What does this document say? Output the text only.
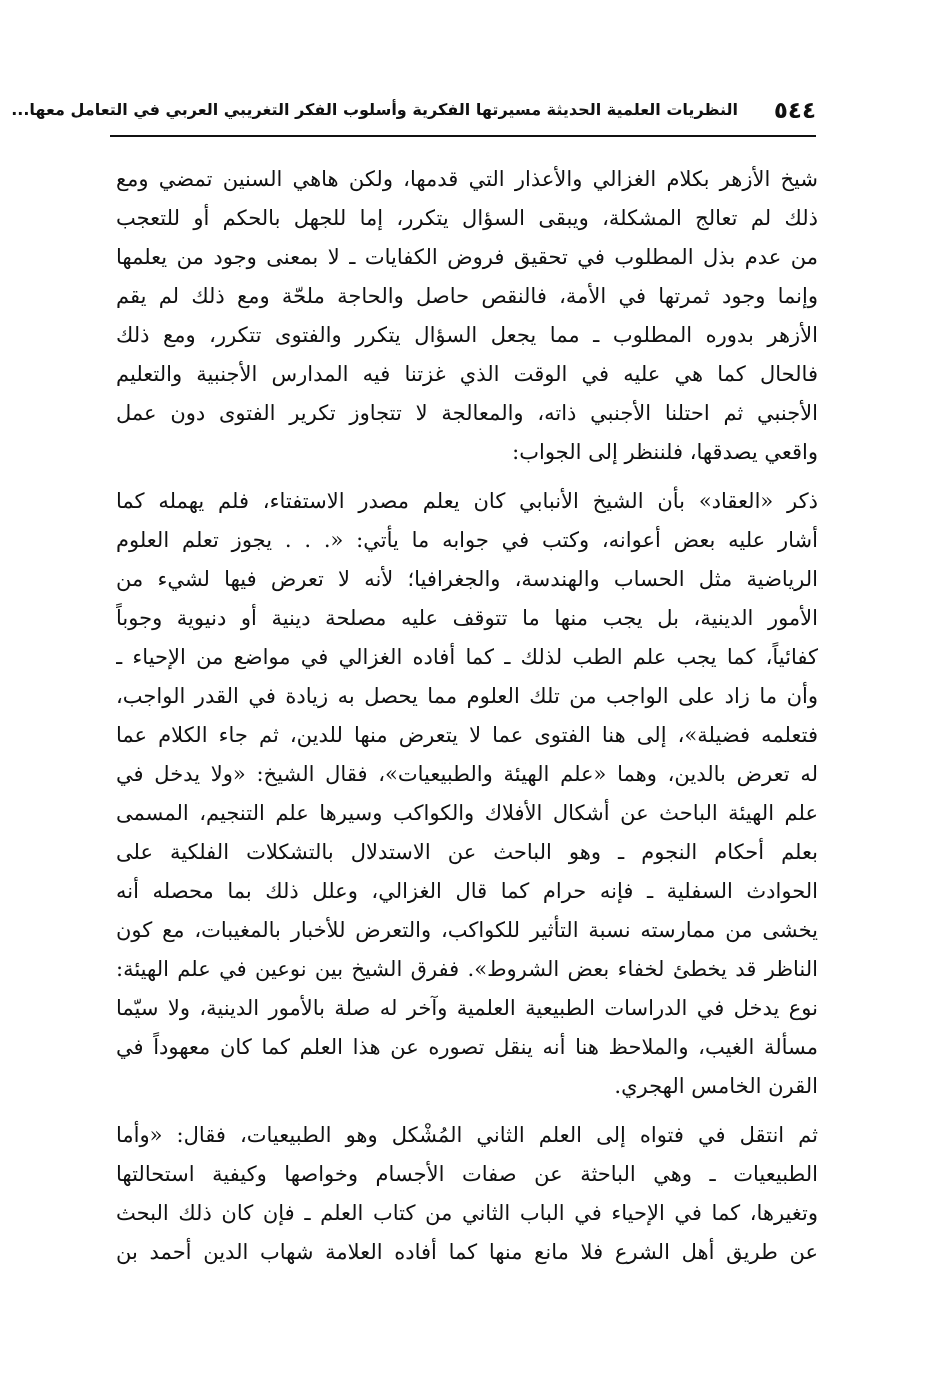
٥٤٤
النظريات العلمية الحديثة مسيرتها الفكرية وأسلوب الفكر التغريبي العربي في التعامل معها...
شيخ الأزهر بكلام الغزالي والأعذار التي قدمها، ولكن هاهي السنين تمضي ومع
ذلك لم تعالج المشكلة، ويبقى السؤال يتكرر، إما للجهل بالحكم أو للتعجب
من عدم بذل المطلوب في تحقيق فروض الكفايات ـ لا بمعنى وجود من يعلمها
وإنما وجود ثمرتها في الأمة، فالنقص حاصل والحاجة ملحّة ومع ذلك لم يقم
الأزهر بدوره المطلوب ـ مما يجعل السؤال يتكرر والفتوى تتكرر، ومع ذلك
فالحال كما هي عليه في الوقت الذي غزتنا فيه المدارس الأجنبية والتعليم
الأجنبي ثم احتلنا الأجنبي ذاته، والمعالجة لا تتجاوز تكرير الفتوى دون عمل
واقعي يصدقها، فلننظر إلى الجواب:
ذكر «العقاد» بأن الشيخ الأنبابي كان يعلم مصدر الاستفتاء، فلم يهمله كما
أشار عليه بعض أعوانه، وكتب في جوابه ما يأتي: «. . . يجوز تعلم العلوم
الرياضية مثل الحساب والهندسة، والجغرافيا؛ لأنه لا تعرض فيها لشيء من
الأمور الدينية، بل يجب منها ما تتوقف عليه مصلحة دينية أو دنيوية وجوباً
كفائياً، كما يجب علم الطب لذلك ـ كما أفاده الغزالي في مواضع من الإحياء ـ
وأن ما زاد على الواجب من تلك العلوم مما يحصل به زيادة في القدر الواجب،
فتعلمه فضيلة»، إلى هنا الفتوى عما لا يتعرض منها للدين، ثم جاء الكلام عما
له تعرض بالدين، وهما «علم الهيئة والطبيعيات»، فقال الشيخ: «ولا يدخل في
علم الهيئة الباحث عن أشكال الأفلاك والكواكب وسيرها علم التنجيم، المسمى
بعلم أحكام النجوم ـ وهو الباحث عن الاستدلال بالتشكلات الفلكية على
الحوادث السفلية ـ فإنه حرام كما قال الغزالي، وعلل ذلك بما محصله أنه
يخشى من ممارسته نسبة التأثير للكواكب، والتعرض للأخبار بالمغيبات، مع كون
الناظر قد يخطئ لخفاء بعض الشروط». ففرق الشيخ بين نوعين في علم الهيئة:
نوع يدخل في الدراسات الطبيعية العلمية وآخر له صلة بالأمور الدينية، ولا سيّما
مسألة الغيب، والملاحظ هنا أنه ينقل تصوره عن هذا العلم كما كان معهوداً في
القرن الخامس الهجري.
ثم انتقل في فتواه إلى العلم الثاني المُشْكل وهو الطبيعيات، فقال: «وأما
الطبيعيات ـ وهي الباحثة عن صفات الأجسام وخواصها وكيفية استحالتها
وتغيرها، كما في الإحياء في الباب الثاني من كتاب العلم ـ فإن كان ذلك البحث
عن طريق أهل الشرع فلا مانع منها كما أفاده العلامة شهاب الدين أحمد بن
